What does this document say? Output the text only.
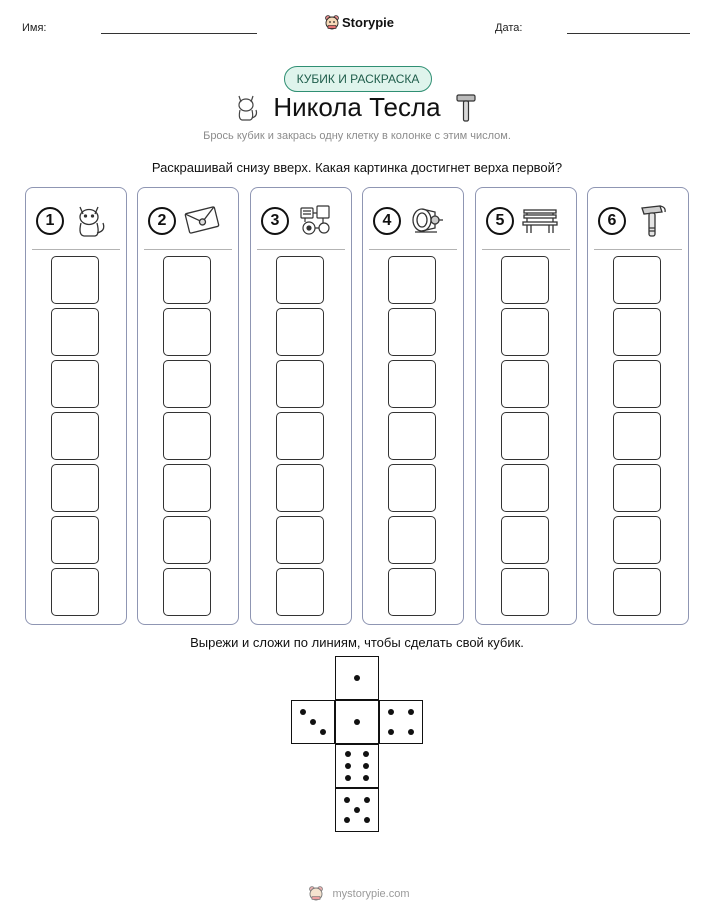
Имя:	Storypie	Дата:
КУБИК И РАСКРАСКА
Никола Тесла
Брось кубик и закрась одну клетку в колонке с этим числом.
Раскрашивай снизу вверх. Какая картинка достигнет верха первой?
1	2	3	4	5	6
Вырежи и сложи по линиям, чтобы сделать свой кубик.
mystorypie.com
